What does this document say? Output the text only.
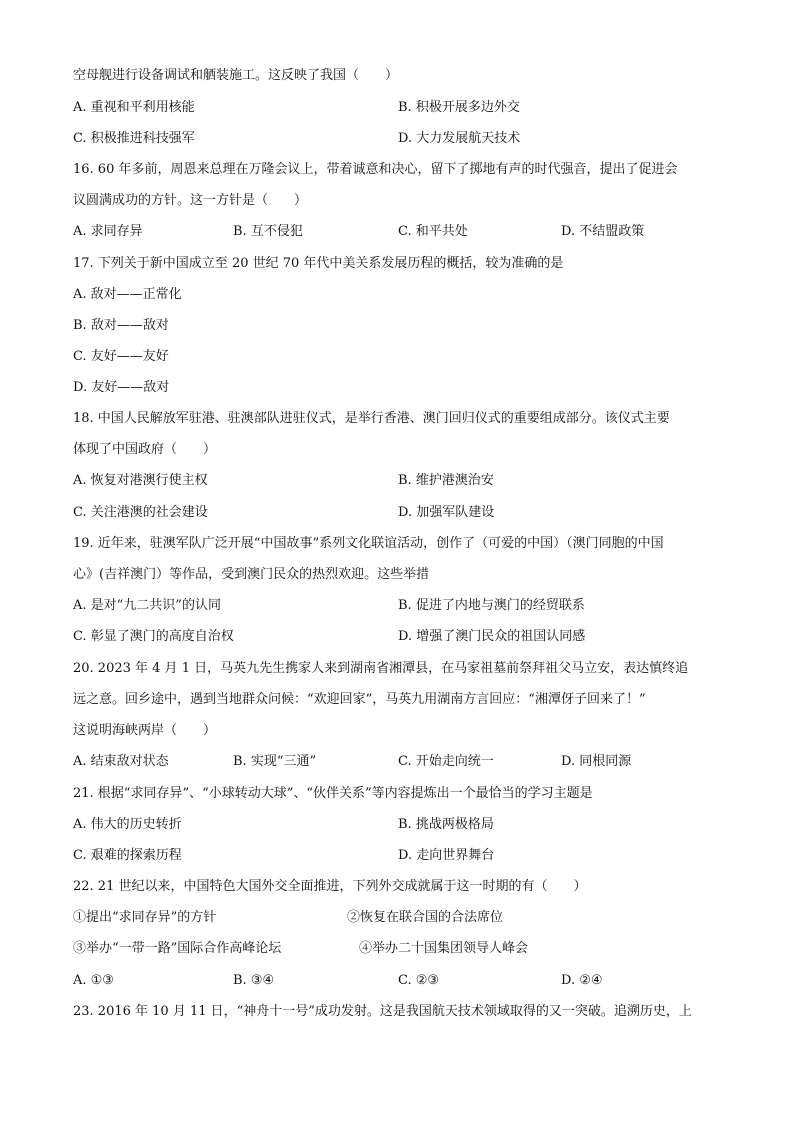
空母舰进行设备调试和舾装施工。这反映了我国（　　）
A. 重视和平利用核能	B. 积极开展多边外交
C. 积极推进科技强军	D. 大力发展航天技术
16. 60 年多前，周恩来总理在万隆会议上，带着诚意和决心，留下了掷地有声的时代强音，提出了促进会
议圆满成功的方针。这一方针是（　　）
A. 求同存异	B. 互不侵犯	C. 和平共处	D. 不结盟政策
17. 下列关于新中国成立至 20 世纪 70 年代中美关系发展历程的概括，较为准确的是
A. 敌对——正常化
B. 敌对——敌对
C. 友好——友好
D. 友好——敌对
18. 中国人民解放军驻港、驻澳部队进驻仪式，是举行香港、澳门回归仪式的重要组成部分。该仪式主要
体现了中国政府（　　）
A. 恢复对港澳行使主权	B. 维护港澳治安
C. 关注港澳的社会建设	D. 加强军队建设
19. 近年来，驻澳军队广泛开展“中国故事”系列文化联谊活动，创作了（可爱的中国）（澳门同胞的中国
心》(吉祥澳门）等作品，受到澳门民众的热烈欢迎。这些举措
A. 是对“九二共识”的认同	B. 促进了内地与澳门的经贸联系
C. 彰显了澳门的高度自治权	D. 增强了澳门民众的祖国认同感
20. 2023 年 4 月 1 日，马英九先生携家人来到湖南省湘潭县，在马家祖墓前祭拜祖父马立安，表达慎终追
远之意。回乡途中，遇到当地群众问候：“欢迎回家”，马英九用湖南方言回应：“湘潭伢子回来了！”
这说明海峡两岸（　　）
A. 结束敌对状态	B. 实现“三通”	C. 开始走向统一	D. 同根同源
21. 根据“求同存异”、“小球转动大球”、“伙伴关系”等内容提炼出一个最恰当的学习主题是
A. 伟大的历史转折	B. 挑战两极格局
C. 艰难的探索历程	D. 走向世界舞台
22. 21 世纪以来，中国特色大国外交全面推进，下列外交成就属于这一时期的有（　　）
①提出“求同存异”的方针	②恢复在联合国的合法席位
③举办“一带一路”国际合作高峰论坛	④举办二十国集团领导人峰会
A. ①③	B. ③④	C. ②③	D. ②④
23. 2016 年 10 月 11 日，“神舟十一号”成功发射。这是我国航天技术领域取得的又一突破。追溯历史，上
